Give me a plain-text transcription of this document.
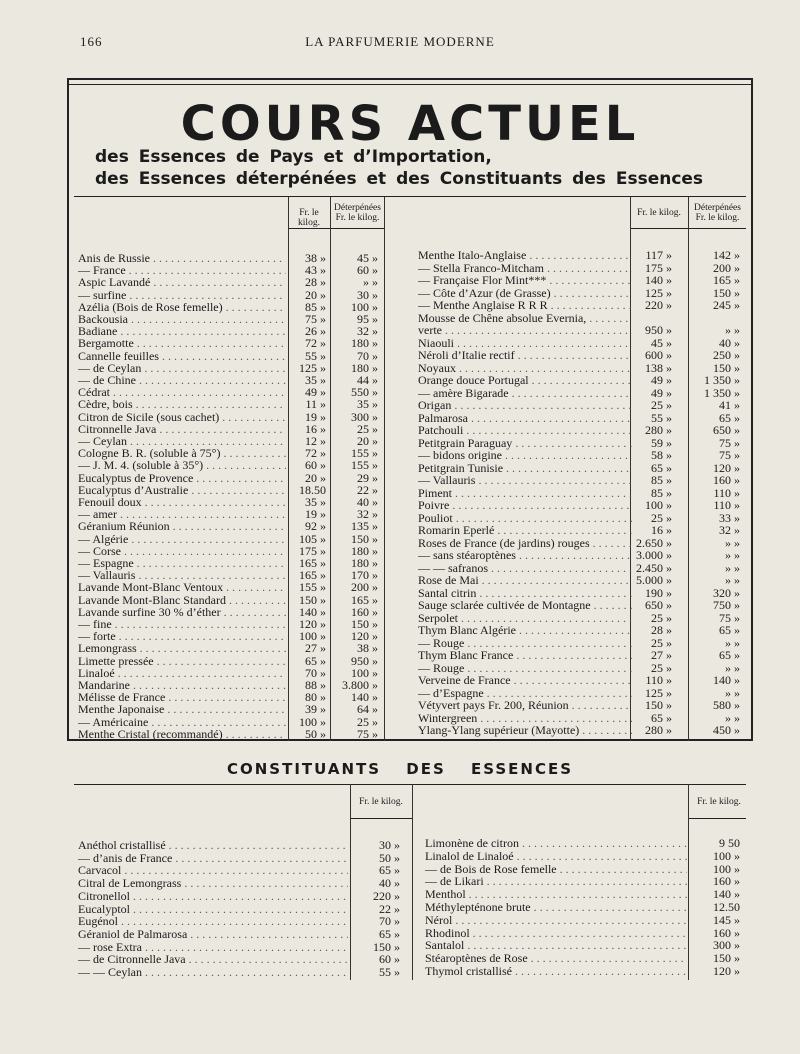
166	LA PARFUMERIE MODERNE
COURS ACTUEL
des Essences de Pays et d’Importation,
des Essences déterpénées et des Constituants des Essences
Fr. le kilog.
Déterpénées Fr. le kilog.	Fr. le kilog.	Déterpénées Fr. le kilog.
Anis de Russie . . .	38 »	45 »
— France . . .	43 »	60 »
Aspic Lavandé . . .	28 »	» »
— surfine . . .	20 »	30 »
Azélia (Bois de Rose femelle) . . .	85 »	100 »
Backousia . . .	75 »	95 »
Badiane . . .	26 »	32 »
Bergamotte . . .	72 »	180 »
Cannelle feuilles . . .	55 »	70 »
— de Ceylan . . .	125 »	180 »
— de Chine . . .	35 »	44 »
Cédrat . . .	49 »	550 »
Cèdre, bois . . .	11 »	35 »
Citron de Sicile (sous cachet) . . .	19 »	300 »
Citronnelle Java . . .	16 »	25 »
— Ceylan . . .	12 »	20 »
Cologne B. R. (soluble à 75°) . . .	72 »	155 »
— J. M. 4. (soluble à 35°) . . .	60 »	155 »
Eucalyptus de Provence . . .	20 »	29 »
Eucalyptus d’Australie . . .	18.50	22 »
Fenouil doux . . .	35 »	40 »
— amer . . .	19 »	32 »
Géranium Réunion . . .	92 »	135 »
— Algérie . . .	105 »	150 »
— Corse . . .	175 »	180 »
— Espagne . . .	165 »	180 »
— Vallauris . . .	165 »	170 »
Lavande Mont-Blanc Ventoux . . .	155 »	200 »
Lavande Mont-Blanc Standard . . .	150 »	165 »
Lavande surfine 30 % d’éther . . .	140 »	160 »
— fine . . .	120 »	150 »
— forte . . .	100 »	120 »
Lemongrass . . .	27 »	38 »
Limette pressée . . .	65 »	950 »
Linaloé . . .	70 »	100 »
Mandarine . . .	88 »	3.800 »
Mélisse de France . . .	80 »	140 »
Menthe Japonaise . . .	39 »	64 »
— Américaine . . .	100 »	25 »
Menthe Cristal (recommandé) . . .	50 »	75 »
Menthe Italo-Anglaise . . .	117 »	142 »
— Stella Franco-Mitcham . . .	175 »	200 »
— Française Flor Mint*** . . .	140 »	165 »
— Côte d’Azur (de Grasse) . . .	125 »	150 »
— Menthe Anglaise R R R . . .	220 »	245 »
Mousse de Chêne absolue Evernia, . . .
verte . . .	950 »	» »
Niaouli . . .	45 »	40 »
Néroli d’Italie rectif . . .	600 »	250 »
Noyaux . . .	138 »	150 »
Orange douce Portugal . . .	49 »	1 350 »
— amère Bigarade . . .	49 »	1 350 »
Origan . . .	25 »	41 »
Palmarosa . . .	55 »	65 »
Patchouli . . .	280 »	650 »
Petitgrain Paraguay . . .	59 »	75 »
— bidons origine . . .	58 »	75 »
Petitgrain Tunisie . . .	65 »	120 »
— Vallauris . . .	85 »	160 »
Piment . . .	85 »	110 »
Poivre . . .	100 »	110 »
Pouliot . . .	25 »	33 »
Romarin Eperlé . . .	16 »	32 »
Roses de France (de jardins) rouges . . .	2.650 »	» »
— sans stéaroptènes . . .	3.000 »	» »
— — safranos . . .	2.450 »	» »
Rose de Mai . . .	5.000 »	» »
Santal citrin . . .	190 »	320 »
Sauge sclarée cultivée de Montagne . . .	650 »	750 »
Serpolet . . .	25 »	75 »
Thym Blanc Algérie . . .	28 »	65 »
— Rouge . . .	25 »	» »
Thym Blanc France . . .	27 »	65 »
— Rouge . . .	25 »	» »
Verveine de France . . .	110 »	140 »
— d’Espagne . . .	125 »	» »
Vétyvert pays Fr. 200, Réunion . . .	150 »	580 »
Wintergreen . . .	65 »	» »
Ylang-Ylang supérieur (Mayotte) . . .	280 »	450 »
CONSTITUANTS DES ESSENCES
Fr. le kilog.	Fr. le kilog.
Anéthol cristallisé . . .	30 »
— d’anis de France . . .	50 »
Carvacol . . .	65 »
Citral de Lemongrass . . .	40 »
Citronellol . . .	220 »
Eucalyptol . . .	22 »
Eugénol . . .	70 »
Géraniol de Palmarosa . . .	65 »
— rose Extra . . .	150 »
— de Citronnelle Java . . .	60 »
— — Ceylan . . .	55 »
Limonène de citron . . .	9 50
Linalol de Linaloé . . .	100 »
— de Bois de Rose femelle . . .	100 »
— de Likari . . .	160 »
Menthol . . .	140 »
Méthylepténone brute . . .	12.50
Nérol . . .	145 »
Rhodinol . . .	160 »
Santalol . . .	300 »
Stéaroptènes de Rose . . .	150 »
Thymol cristallisé . . .	120 »
